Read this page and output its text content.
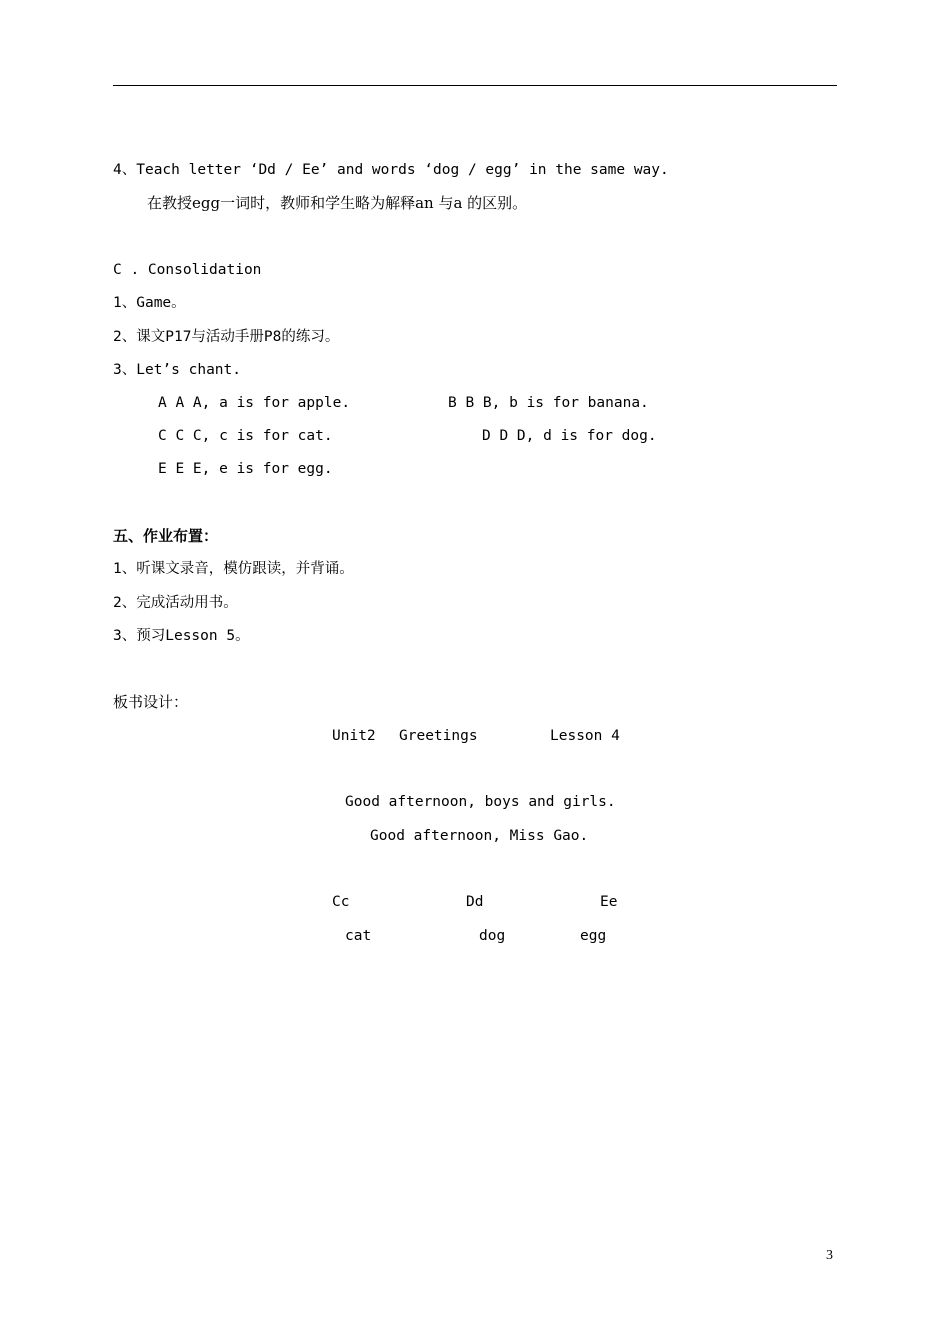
4、Teach letter ‘Dd / Ee’ and words ‘dog / egg’ in the same way.
在教授egg一词时，教师和学生略为解释an 与a 的区别。
C . Consolidation
1、Game。
2、课文P17与活动手册P8的练习。
3、Let’s chant.
A A A, a is for apple.	B B B, b is for banana.
C C C, c is for cat.	D D D, d is for dog.
E E E, e is for egg.
五、作业布置：
1、听课文录音，模仿跟读，并背诵。
2、完成活动用书。
3、预习Lesson 5。
板书设计：
Unit2 Greetings	Lesson 4
Good afternoon, boys and girls.
Good afternoon, Miss Gao.
Cc	Dd	Ee
cat	dog	egg
3
